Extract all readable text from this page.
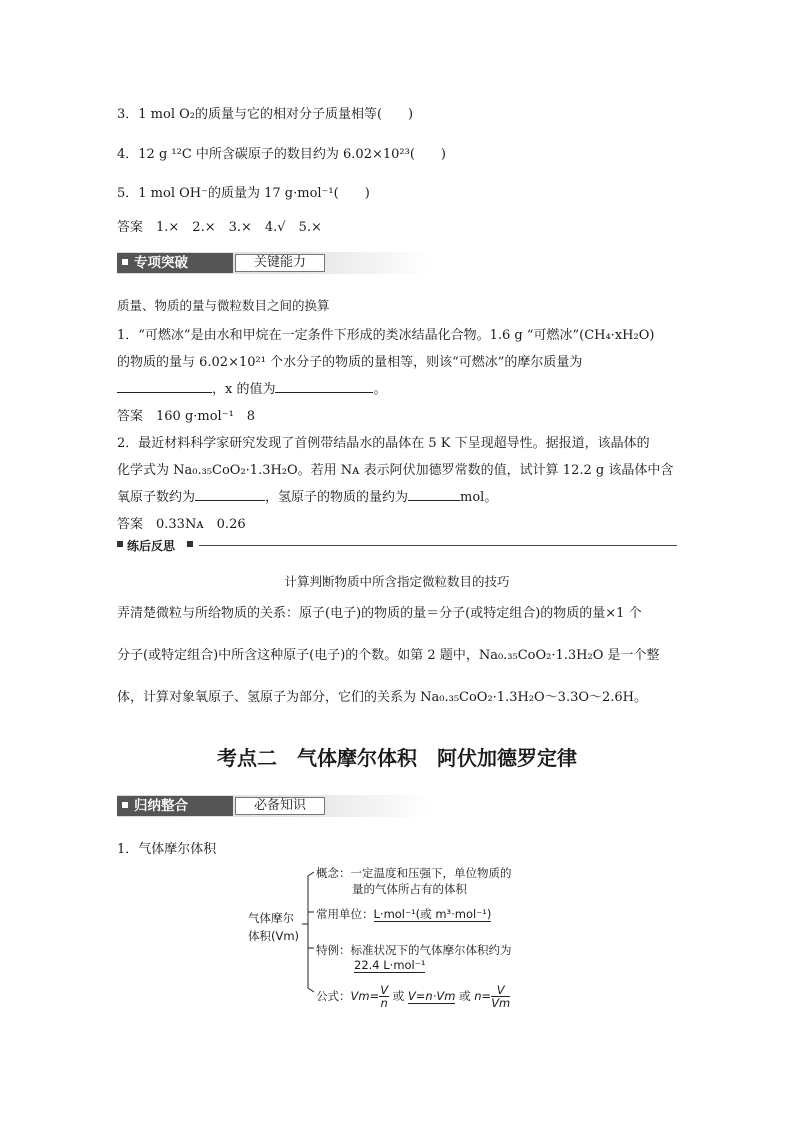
3．1 mol O₂的质量与它的相对分子质量相等(　　)
4．12 g ¹²C 中所含碳原子的数目约为 6.02×10²³(　　)
5．1 mol OH⁻的质量为 17 g·mol⁻¹(　　)
答案　1.×　2.×　3.×　4.√　5.×
专项突破	关键能力
质量、物质的量与微粒数目之间的换算
1．“可燃冰”是由水和甲烷在一定条件下形成的类冰结晶化合物。1.6 g “可燃冰”(CH₄·xH₂O)
的物质的量与 6.02×10²¹ 个水分子的物质的量相等，则该“可燃冰”的摩尔质量为
，x 的值为	。
答案　160 g·mol⁻¹　8
2．最近材料科学家研究发现了首例带结晶水的晶体在 5 K 下呈现超导性。据报道，该晶体的
化学式为 Na₀.₃₅CoO₂·1.3H₂O。若用 Nᴀ 表示阿伏加德罗常数的值，试计算 12.2 g 该晶体中含
氧原子数约为	，氢原子的物质的量约为	mol。
答案　0.33Nᴀ　0.26
练后反思
计算判断物质中所含指定微粒数目的技巧
弄清楚微粒与所给物质的关系：原子(电子)的物质的量＝分子(或特定组合)的物质的量×1 个
分子(或特定组合)中所含这种原子(电子)的个数。如第 2 题中，Na₀.₃₅CoO₂·1.3H₂O 是一个整
体，计算对象氧原子、氢原子为部分，它们的关系为 Na₀.₃₅CoO₂·1.3H₂O～3.3O～2.6H。
考点二　气体摩尔体积　阿伏加德罗定律
归纳整合	必备知识
1．气体摩尔体积
气体摩尔
体积(Vm)
概念：一定温度和压强下，单位物质的
量的气体所占有的体积
常用单位：L·mol⁻¹(或 m³·mol⁻¹)
特例：标准状况下的气体摩尔体积约为
22.4 L·mol⁻¹
公式：$Vm= \frac{V}{n}$ 或 V=n·Vm 或 $n= \frac{V}{Vm}$
